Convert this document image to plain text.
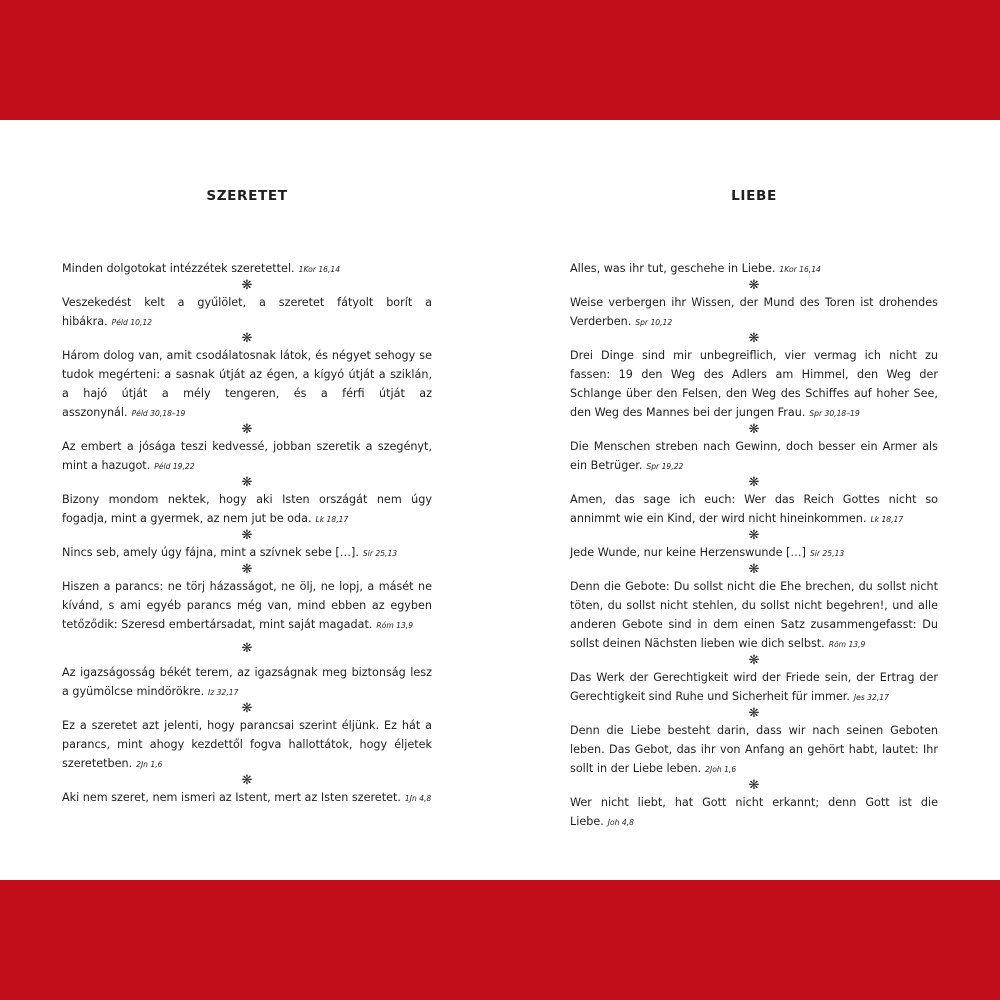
SZERETET
Minden dolgotokat intézzétek szeretettel. 1Kor 16,14
❋
Veszekedést kelt a gyűlölet, a szeretet fátyolt borít a hibákra. Péld 10,12
❋
Három dolog van, amit csodálatosnak látok, és négyet sehogy se tudok megérteni: a sasnak útját az égen, a kígyó útját a sziklán, a hajó útját a mély tengeren, és a férfi útját az asszonynál. Péld 30,18–19
❋
Az embert a jósága teszi kedvessé, jobban szeretik a szegényt, mint a hazugot. Péld 19,22
❋
Bizony mondom nektek, hogy aki Isten országát nem úgy fogadja, mint a gyermek, az nem jut be oda. Lk 18,17
❋
Nincs seb, amely úgy fájna, mint a szívnek sebe […]. Sir 25,13
❋
Hiszen a parancs: ne törj házasságot, ne ölj, ne lopj, a másét ne kívánd, s ami egyéb parancs még van, mind ebben az egyben tetőződik: Szeresd embertársadat, mint saját magadat. Róm 13,9
❋
Az igazságosság békét terem, az igazságnak meg biztonság lesz a gyümölcse mindörökre. Iz 32,17
❋
Ez a szeretet azt jelenti, hogy parancsai szerint éljünk. Ez hát a parancs, mint ahogy kezdettől fogva hallottátok, hogy éljetek szeretetben. 2Jn 1,6
❋
Aki nem szeret, nem ismeri az Istent, mert az Isten szeretet. 1Jn 4,8
LIEBE
Alles, was ihr tut, geschehe in Liebe. 1Kor 16,14
❋
Weise verbergen ihr Wissen, der Mund des Toren ist drohendes Verderben. Spr 10,12
❋
Drei Dinge sind mir unbegreiflich, vier vermag ich nicht zu fassen: 19 den Weg des Adlers am Himmel, den Weg der Schlange über den Felsen, den Weg des Schiffes auf hoher See, den Weg des Mannes bei der jungen Frau. Spr 30,18–19
❋
Die Menschen streben nach Gewinn, doch besser ein Armer als ein Betrüger. Spr 19,22
❋
Amen, das sage ich euch: Wer das Reich Gottes nicht so annimmt wie ein Kind, der wird nicht hineinkommen. Lk 18,17
❋
Jede Wunde, nur keine Herzenswunde […] Sir 25,13
❋
Denn die Gebote: Du sollst nicht die Ehe brechen, du sollst nicht töten, du sollst nicht stehlen, du sollst nicht begehren!, und alle anderen Gebote sind in dem einen Satz zusammengefasst: Du sollst deinen Nächsten lieben wie dich selbst. Röm 13,9
❋
Das Werk der Gerechtigkeit wird der Friede sein, der Ertrag der Gerechtigkeit sind Ruhe und Sicherheit für immer. Jes 32,17
❋
Denn die Liebe besteht darin, dass wir nach seinen Geboten leben. Das Gebot, das ihr von Anfang an gehört habt, lautet: Ihr sollt in der Liebe leben. 2Joh 1,6
❋
Wer nicht liebt, hat Gott nicht erkannt; denn Gott ist die Liebe. Joh 4,8
